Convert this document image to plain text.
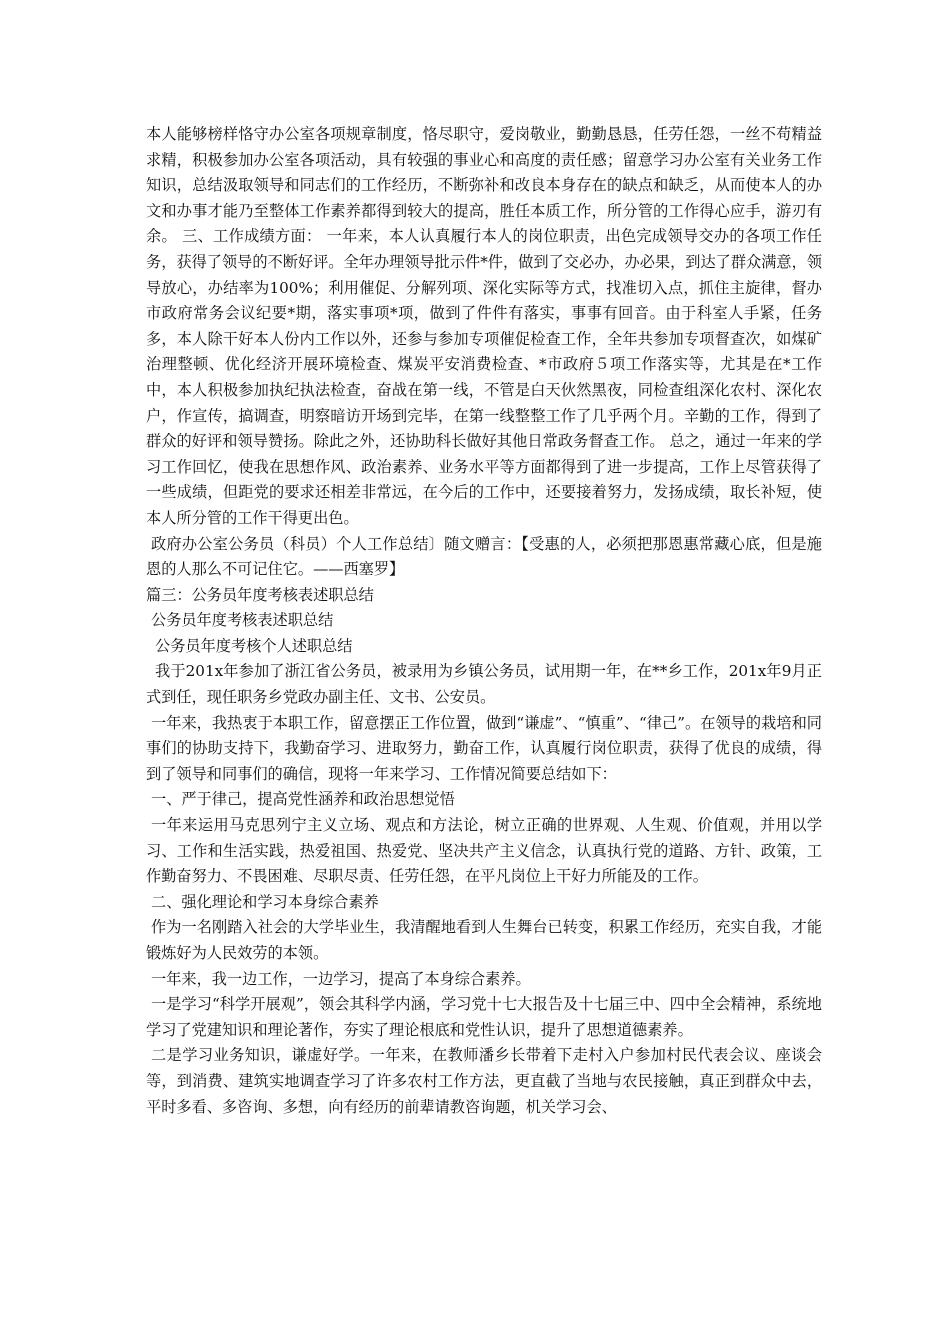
本人能够榜样恪守办公室各项规章制度，恪尽职守，爱岗敬业，勤勤恳恳，任劳任怨，一丝不苟精益求精，积极参加办公室各项活动，具有较强的事业心和高度的责任感；留意学习办公室有关业务工作知识，总结汲取领导和同志们的工作经历，不断弥补和改良本身存在的缺点和缺乏，从而使本人的办文和办事才能乃至整体工作素养都得到较大的提高，胜任本质工作，所分管的工作得心应手，游刃有余。 三、工作成绩方面： 一年来，本人认真履行本人的岗位职责，出色完成领导交办的各项工作任务，获得了领导的不断好评。全年办理领导批示件*件，做到了交必办，办必果，到达了群众满意，领导放心，办结率为100%；利用催促、分解列项、深化实际等方式，找准切入点，抓住主旋律，督办市政府常务会议纪要*期，落实事项*项，做到了件件有落实，事事有回音。由于科室人手紧，任务多，本人除干好本人份内工作以外，还参与参加专项催促检查工作，全年共参加专项督查次，如煤矿治理整顿、优化经济开展环境检查、煤炭平安消费检查、*市政府５项工作落实等，尤其是在*工作中，本人积极参加执纪执法检查，奋战在第一线，不管是白天伙然黑夜，同检查组深化农村、深化农户，作宣传，搞调查，明察暗访开场到完毕，在第一线整整工作了几乎两个月。辛勤的工作，得到了群众的好评和领导赞扬。除此之外，还协助科长做好其他日常政务督查工作。 总之，通过一年来的学习工作回忆，使我在思想作风、政治素养、业务水平等方面都得到了进一步提高，工作上尽管获得了一些成绩，但距党的要求还相差非常远，在今后的工作中，还要接着努力，发扬成绩，取长补短，使本人所分管的工作干得更出色。

政府办公室公务员（科员）个人工作总结〕随文赠言：【受惠的人，必须把那恩惠常藏心底，但是施恩的人那么不可记住它。——西塞罗】

篇三：公务员年度考核表述职总结

公务员年度考核表述职总结

公务员年度考核个人述职总结

我于201x年参加了浙江省公务员，被录用为乡镇公务员，试用期一年，在**乡工作，201x年9月正式到任，现任职务乡党政办副主任、文书、公安员。

一年来，我热衷于本职工作，留意摆正工作位置，做到“谦虚”、“慎重”、“律己”。在领导的栽培和同事们的协助支持下，我勤奋学习、进取努力，勤奋工作，认真履行岗位职责，获得了优良的成绩，得到了领导和同事们的确信，现将一年来学习、工作情况简要总结如下：

一、严于律己，提高党性涵养和政治思想觉悟

一年来运用马克思列宁主义立场、观点和方法论，树立正确的世界观、人生观、价值观，并用以学习、工作和生活实践，热爱祖国、热爱党、坚决共产主义信念，认真执行党的道路、方针、政策，工作勤奋努力、不畏困难、尽职尽责、任劳任怨，在平凡岗位上干好力所能及的工作。

二、强化理论和学习本身综合素养

作为一名刚踏入社会的大学毕业生，我清醒地看到人生舞台已转变，积累工作经历，充实自我，才能锻炼好为人民效劳的本领。

一年来，我一边工作，一边学习，提高了本身综合素养。

一是学习“科学开展观”，领会其科学内涵，学习党十七大报告及十七届三中、四中全会精神，系统地学习了党建知识和理论著作，夯实了理论根底和党性认识，提升了思想道德素养。

二是学习业务知识，谦虚好学。一年来，在教师潘乡长带着下走村入户参加村民代表会议、座谈会等，到消费、建筑实地调查学习了许多农村工作方法，更直截了当地与农民接触，真正到群众中去，平时多看、多咨询、多想，向有经历的前辈请教咨询题，机关学习会、
